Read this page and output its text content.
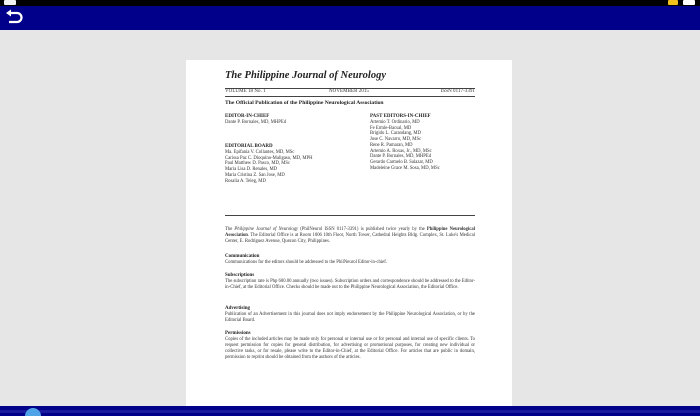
The Philippine Journal of Neurology
VOLUME 18 No. 1	NOVEMBER 2015	ISSN 0117-3391
The Official Publication of the Philippine Neurological Association
EDITOR-IN-CHIEF
Dante P. Bornales, MD, MHPEd
EDITORIAL BOARD
Ma. Epifania V. Collantes, MD, MSc
Carissa Paz C. Dioquino-Maligaso, MD, MPH
Paul Matthew D. Pasco, MD, MSc
Maria Lisa D. Renales, MD
Maria Cristina Z. San Jose, MD
Rosalia A. Teleg, MD
PAST EDITORS-IN-CHIEF
Artemio T. Ordinario, MD
Fe Ermle-Bacsal, MD
Brigido L. Carandang, MD
Jose C. Navarro, MD, MSc
Rene R. Pamaran, MD
Artemio A. Roxas, Jr., MD, MSc
Dante P. Bornales, MD, MHPEd
Gerardo Carmelo B. Salazar, MD
Madeleine Grace M. Sosa, MD, MSc
The Philippine Journal of Neurology (PhilNeurol ISSN 0117-3391) is published twice yearly by the Philippine Neurological Association. The Editorial Office is at Room 1006 10th Floor, North Tower, Cathedral Heights Bldg. Complex, St. Luke's Medical Center, E. Rodriguez Avenue, Quezon City, Philippines.
Communication
Communications for the editors should be addressed to the PhilNeurol Editor-in-chief.
Subscriptions
The subscription rate is Php 600.00 annually (two issues). Subscription orders and correspondence should be addressed to the Editor-in-Chief, at the Editorial Office. Checks should be made out to the Philippine Neurological Association, the Editorial Office.
Advertising
Publication of an Advertisement in this journal does not imply endorsement by the Philippine Neurological Association, or by the Editorial Board.
Permissions
Copies of the included articles may be made only for personal or internal use or for personal and internal use of specific clients. To request permission for copies for general distribution, for advertising or promotional purposes, for creating new individual or collective tasks, or for resale, please write to the Editor-in-Chief, at the Editorial Office. For articles that are public in domain, permission to reprint should be obtained from the authors of the articles.
